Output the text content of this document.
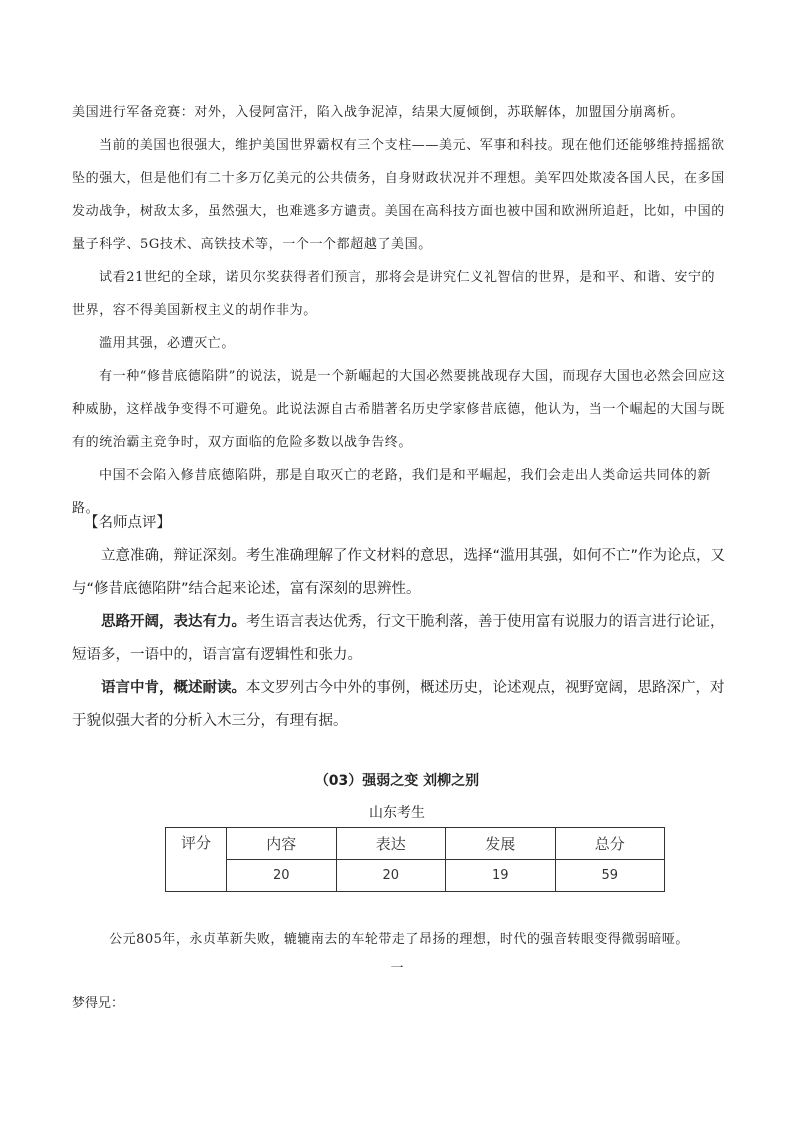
美国进行军备竞赛：对外，入侵阿富汗，陷入战争泥淖，结果大厦倾倒，苏联解体，加盟国分崩离析。

当前的美国也很强大，维护美国世界霸权有三个支柱——美元、军事和科技。现在他们还能够维持摇摇欲坠的强大，但是他们有二十多万亿美元的公共债务，自身财政状况并不理想。美军四处欺凌各国人民，在多国发动战争，树敌太多，虽然强大，也难逃多方谴责。美国在高科技方面也被中国和欧洲所追赶，比如，中国的量子科学、5G技术、高铁技术等，一个一个都超越了美国。

试看21世纪的全球，诺贝尔奖获得者们预言，那将会是讲究仁义礼智信的世界，是和平、和谐、安宁的世界，容不得美国新杈主义的胡作非为。

滥用其强，必遭灭亡。

有一种“修昔底德陷阱”的说法，说是一个新崛起的大国必然要挑战现存大国，而现存大国也必然会回应这种威胁，这样战争变得不可避免。此说法源自古希腊著名历史学家修昔底德，他认为，当一个崛起的大国与既有的统治霸主竞争时，双方面临的危险多数以战争告终。

中国不会陷入修昔底德陷阱，那是自取灭亡的老路，我们是和平崛起，我们会走出人类命运共同体的新路。

【名师点评】

立意准确，辩证深刻。考生准确理解了作文材料的意思，选择“滥用其强，如何不亡”作为论点，又与“修昔底德陷阱”结合起来论述，富有深刻的思辨性。

思路开阔，表达有力。考生语言表达优秀，行文干脆利落，善于使用富有说服力的语言进行论证，短语多，一语中的，语言富有逻辑性和张力。

语言中肯，概述耐读。本文罗列古今中外的事例，概述历史，论述观点，视野宽阔，思路深广，对于貌似强大者的分析入木三分，有理有据。

（03）强弱之变 刘柳之别
山东考生
评分	内容	表达	发展	总分
	20	20	19	59
公元805年，永贞革新失败，辘辘南去的车轮带走了昂扬的理想，时代的强音转眼变得微弱暗哑。
一
梦得兄：
